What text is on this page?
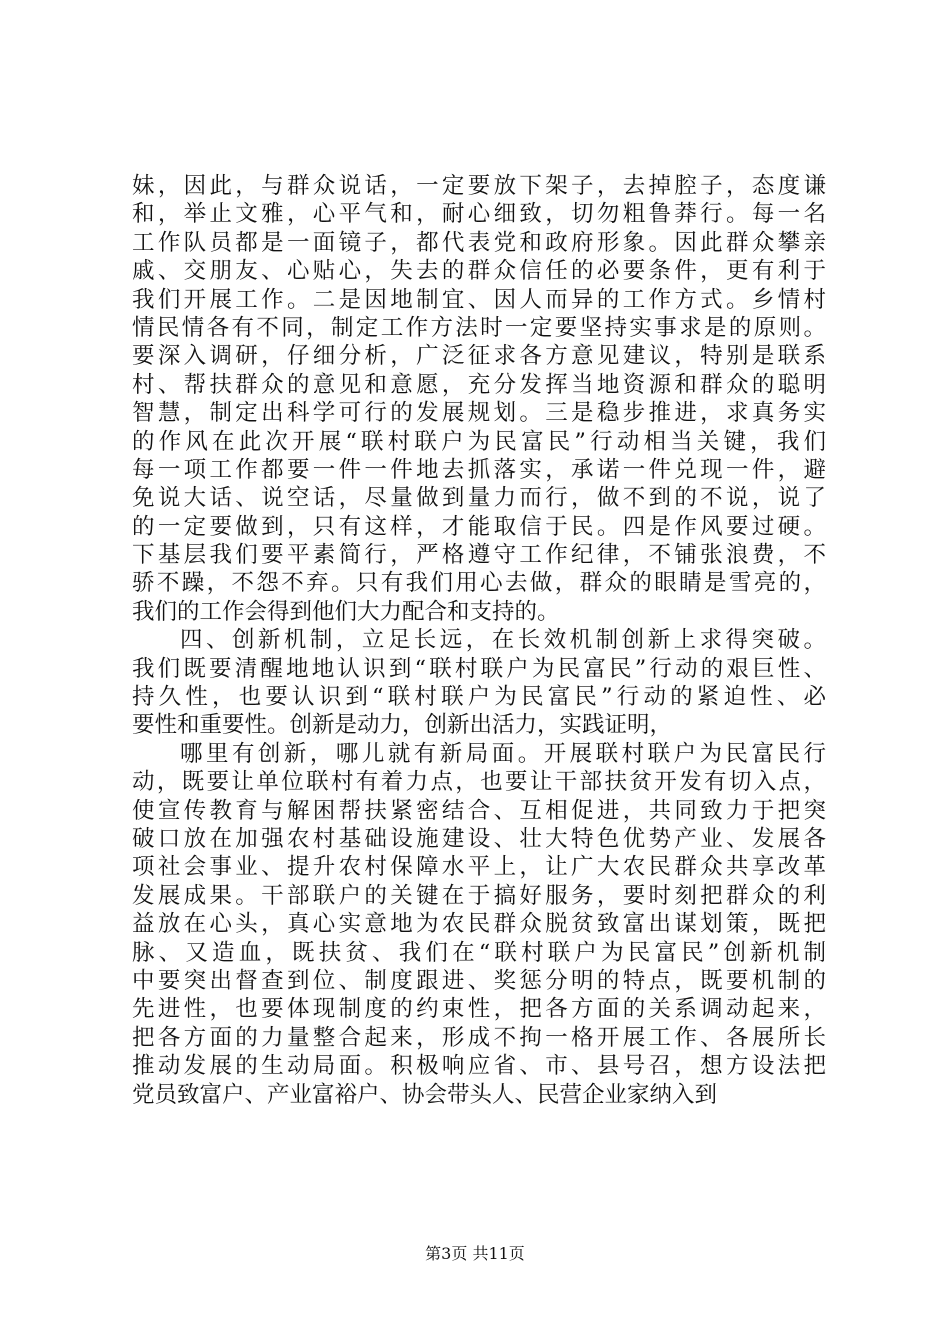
妹，因此，与群众说话，一定要放下架子，去掉腔子，态度谦
和，举止文雅，心平气和，耐心细致，切勿粗鲁莽行。每一名
工作队员都是一面镜子，都代表党和政府形象。因此群众攀亲
戚、交朋友、心贴心，失去的群众信任的必要条件，更有利于
我们开展工作。二是因地制宜、因人而异的工作方式。乡情村
情民情各有不同，制定工作方法时一定要坚持实事求是的原则。
要深入调研，仔细分析，广泛征求各方意见建议，特别是联系
村、帮扶群众的意见和意愿，充分发挥当地资源和群众的聪明
智慧，制定出科学可行的发展规划。三是稳步推进，求真务实
的作风在此次开展“联村联户为民富民”行动相当关键，我们
每一项工作都要一件一件地去抓落实，承诺一件兑现一件，避
免说大话、说空话，尽量做到量力而行，做不到的不说，说了
的一定要做到，只有这样，才能取信于民。四是作风要过硬。
下基层我们要平素简行，严格遵守工作纪律，不铺张浪费，不
骄不躁，不怨不弃。只有我们用心去做，群众的眼睛是雪亮的，
我们的工作会得到他们大力配合和支持的。
四、创新机制，立足长远，在长效机制创新上求得突破。
我们既要清醒地地认识到“联村联户为民富民”行动的艰巨性、
持久性，也要认识到“联村联户为民富民”行动的紧迫性、必
要性和重要性。创新是动力，创新出活力，实践证明，
哪里有创新，哪儿就有新局面。开展联村联户为民富民行
动，既要让单位联村有着力点，也要让干部扶贫开发有切入点，
使宣传教育与解困帮扶紧密结合、互相促进，共同致力于把突
破口放在加强农村基础设施建设、壮大特色优势产业、发展各
项社会事业、提升农村保障水平上，让广大农民群众共享改革
发展成果。干部联户的关键在于搞好服务，要时刻把群众的利
益放在心头，真心实意地为农民群众脱贫致富出谋划策，既把
脉、又造血，既扶贫、我们在“联村联户为民富民”创新机制
中要突出督查到位、制度跟进、奖惩分明的特点，既要机制的
先进性，也要体现制度的约束性，把各方面的关系调动起来，
把各方面的力量整合起来，形成不拘一格开展工作、各展所长
推动发展的生动局面。积极响应省、市、县号召，想方设法把
党员致富户、产业富裕户、协会带头人、民营企业家纳入到
第3页 共11页
